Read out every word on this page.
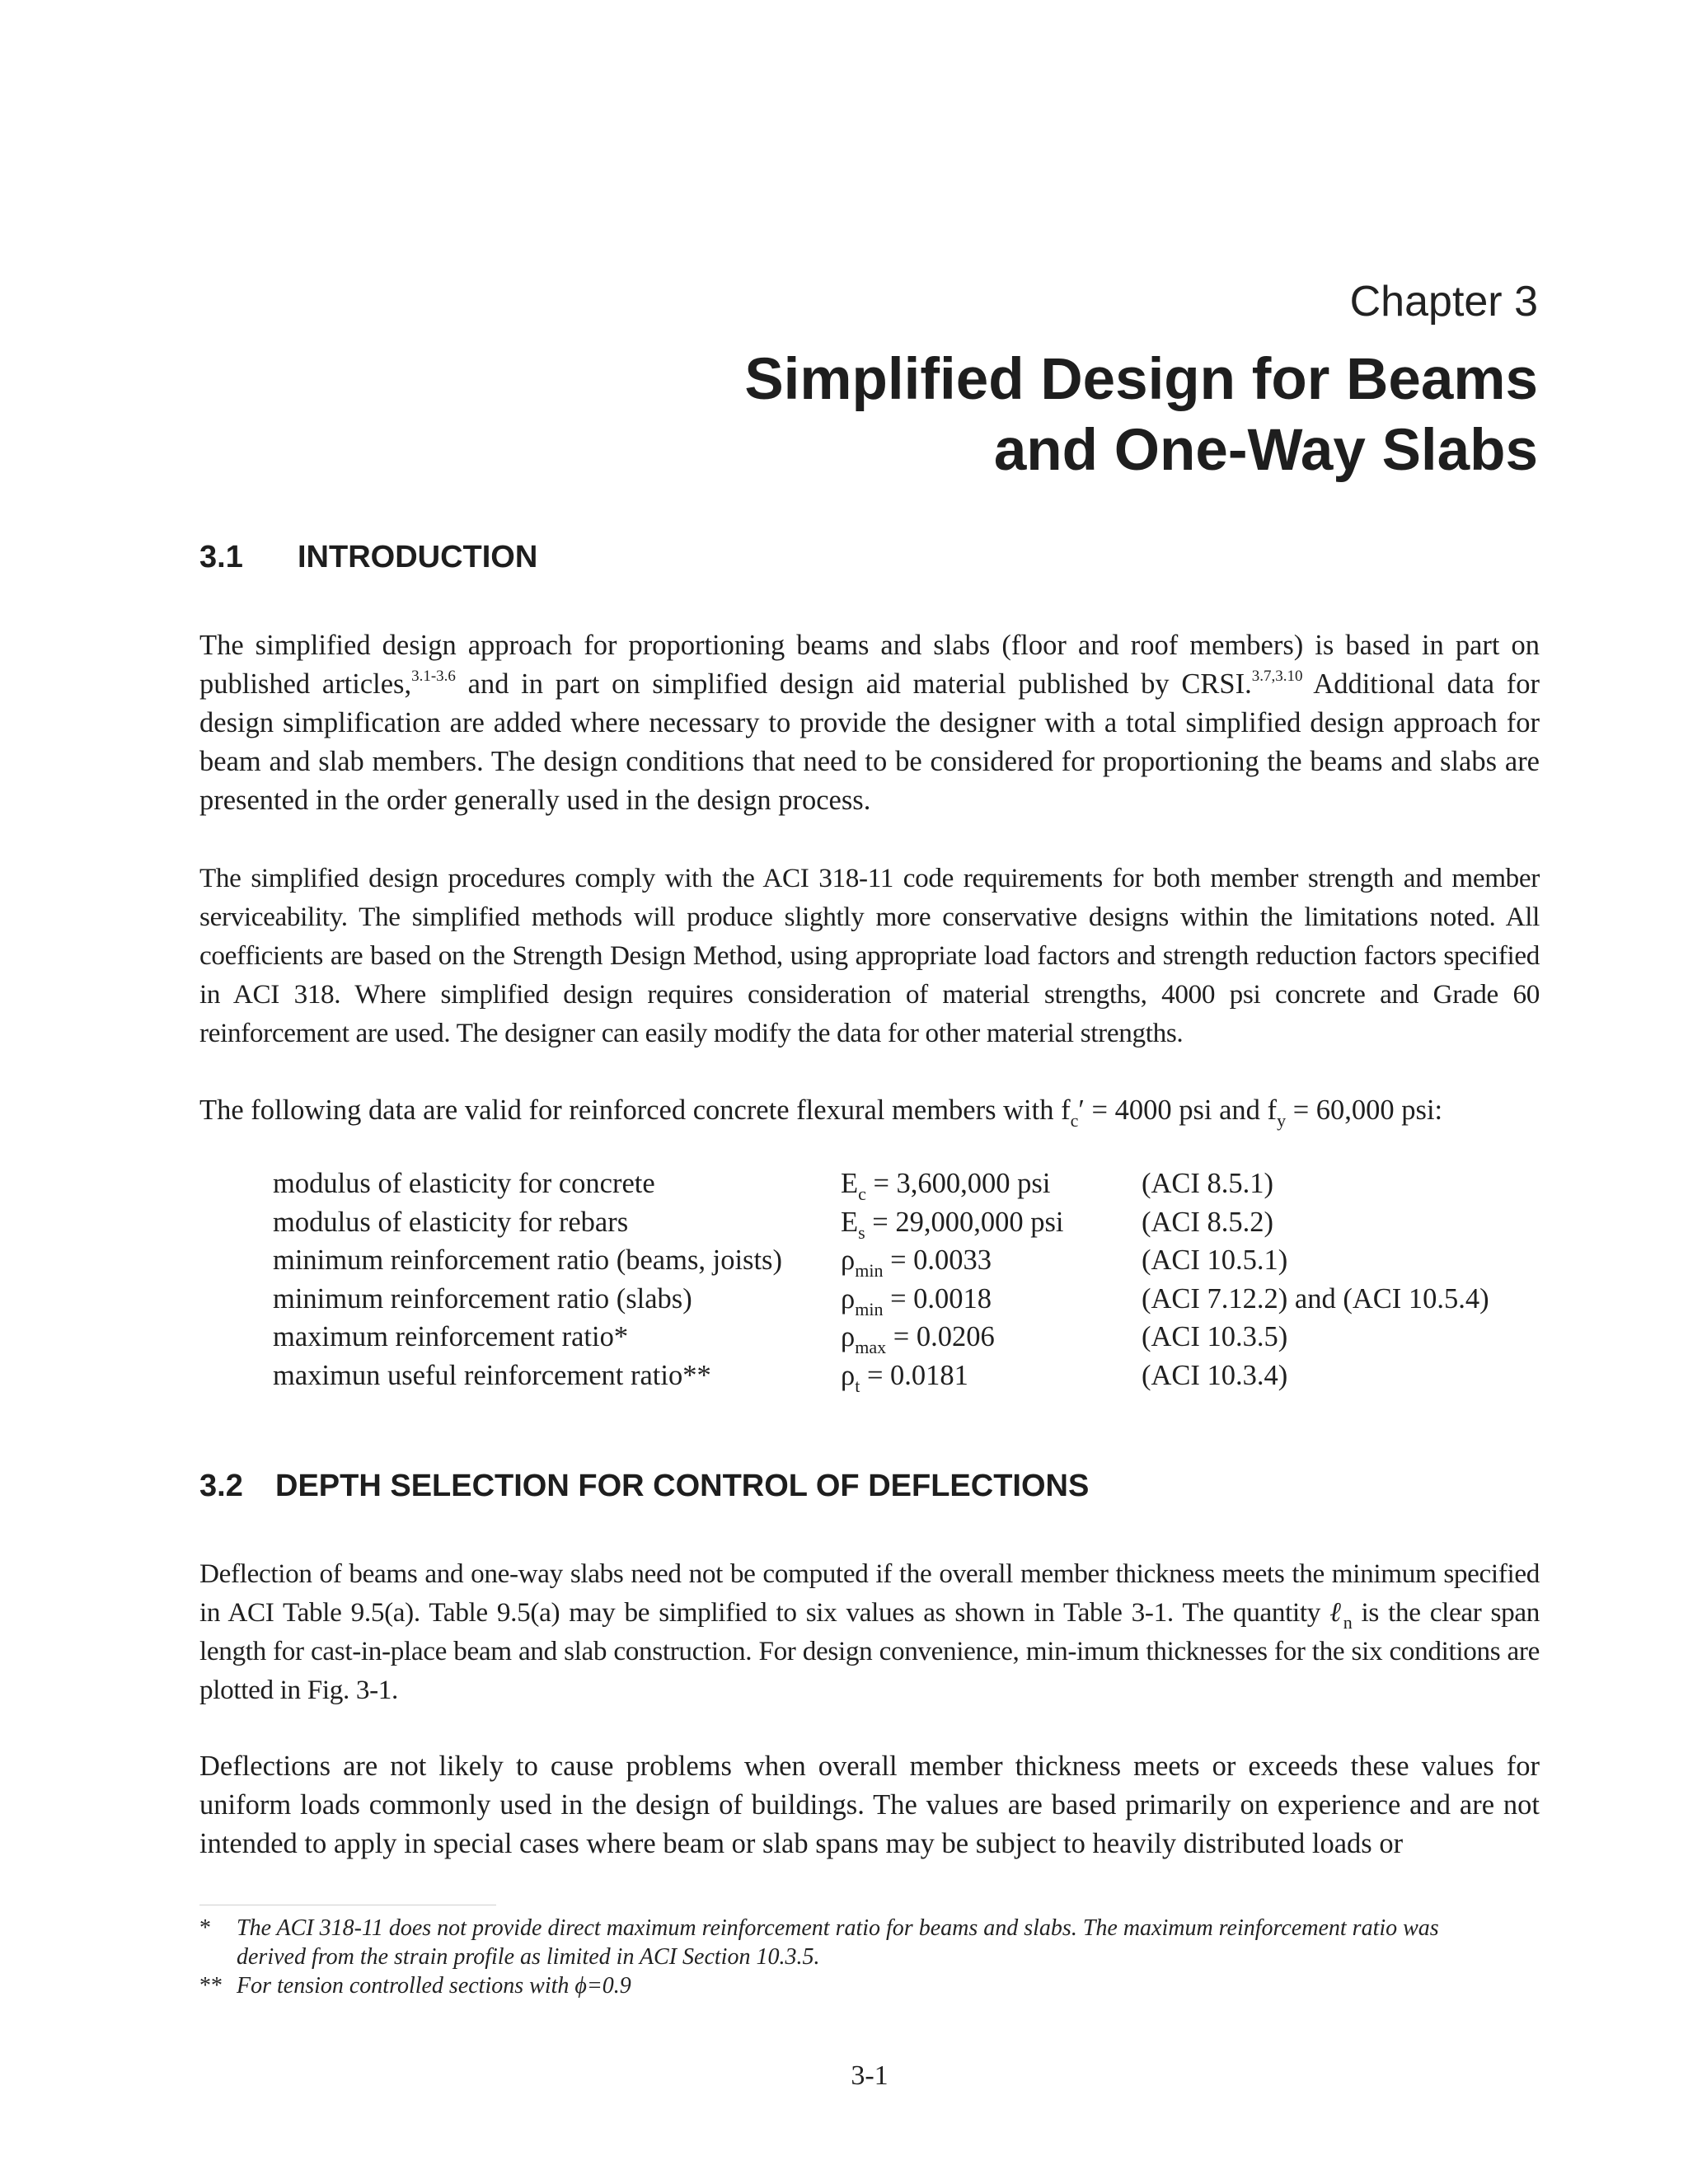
Chapter 3
Simplified Design for Beams
and One-Way Slabs
3.1 INTRODUCTION
The simplified design approach for proportioning beams and slabs (floor and roof members) is based in part on published articles,$^{3.1-3.6}$ and in part on simplified design aid material published by CRSI.$^{3.7,3.10}$ Additional data for design simplification are added where necessary to provide the designer with a total simplified design approach for beam and slab members. The design conditions that need to be considered for proportioning the beams and slabs are presented in the order generally used in the design process.
The simplified design procedures comply with the ACI 318-11 code requirements for both member strength and member serviceability. The simplified methods will produce slightly more conservative designs within the limitations noted. All coefficients are based on the Strength Design Method, using appropriate load factors and strength reduction factors specified in ACI 318. Where simplified design requires consideration of material strengths, 4000 psi concrete and Grade 60 reinforcement are used. The designer can easily modify the data for other material strengths.
The following data are valid for reinforced concrete flexural members with $f_c' = 4000$ psi and $f_y = 60,000$ psi:
modulus of elasticity for concrete	$E_c = 3,600,000$ psi	(ACI 8.5.1)
modulus of elasticity for rebars	$E_s = 29,000,000$ psi	(ACI 8.5.2)
minimum reinforcement ratio (beams, joists) $\rho_{min} = 0.0033$	(ACI 10.5.1)
minimum reinforcement ratio (slabs)	$\rho_{min} = 0.0018$	(ACI 7.12.2) and (ACI 10.5.4)
maximum reinforcement ratio*	$\rho_{max} = 0.0206$	(ACI 10.3.5)
maximun useful reinforcement ratio**	$\rho_t = 0.0181$	(ACI 10.3.4)
3.2 DEPTH SELECTION FOR CONTROL OF DEFLECTIONS
Deflection of beams and one-way slabs need not be computed if the overall member thickness meets the minimum specified in ACI Table 9.5(a). Table 9.5(a) may be simplified to six values as shown in Table 3-1. The quantity ℓ$_n$ is the clear span length for cast-in-place beam and slab construction. For design convenience, min-imum thicknesses for the six conditions are plotted in Fig. 3-1.
Deflections are not likely to cause problems when overall member thickness meets or exceeds these values for uniform loads commonly used in the design of buildings. The values are based primarily on experience and are not intended to apply in special cases where beam or slab spans may be subject to heavily distributed loads or
* The ACI 318-11 does not provide direct maximum reinforcement ratio for beams and slabs. The maximum reinforcement ratio was derived from the strain profile as limited in ACI Section 10.3.5.
** For tension controlled sections with ϕ=0.9
3-1
